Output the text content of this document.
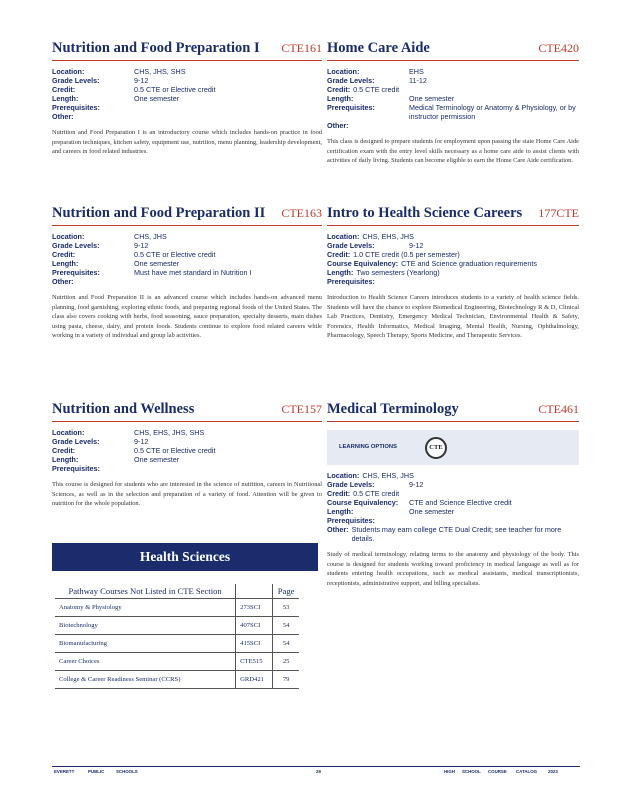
Nutrition and Food Preparation I CTE161
Location:	CHS, JHS, SHS
Grade Levels:	9-12
Credit:	0.5 CTE or Elective credit
Length:	One semester
Prerequisites:
Other:
Nutrition and Food Preparation I is an introductory course which includes hands-on practice in food preparation techniques, kitchen safety, equipment use, nutrition, menu planning, leadership development, and careers in food related industries.
Nutrition and Food Preparation II CTE163
Location:	CHS, JHS
Grade Levels:	9-12
Credit:	0.5 CTE or Elective credit
Length:	One semester
Prerequisites:	Must have met standard in Nutrition I
Other:
Nutrition and Food Preparation II is an advanced course which includes hands-on advanced menu planning, food garnishing, exploring ethnic foods, and preparing regional foods of the United States. The class also covers cooking with herbs, food seasoning, sauce preparation, specialty desserts, main dishes using pasta, cheese, dairy, and protein foods. Students continue to explore food related careers while working in a variety of individual and group lab activities.
Nutrition and Wellness	CTE157
Location:	CHS, EHS, JHS, SHS
Grade Levels:	9-12
Credit:	0.5 CTE or Elective credit
Length:	One semester
Prerequisites:
This course is designed for students who are interested in the science of nutrition, careers in Nutritional Sciences, as well as in the selection and preparation of a variety of food. Attention will be given to nutrition for the whole population.
Health Sciences
Pathway Courses Not Listed in CTE Section		Page
Anatomy & Physiology	273SCI	53
Biotechnology	407SCI	54
Biomanufacturing	415SCI	54
Career Choices	CTE515	25
College & Career Readiness Seminar (CCRS)	GRD421	79
Home Care Aide	CTE420
Location:	EHS
Grade Levels:	11-12
Credit: 0.5 CTE credit
Length:	One semester
Prerequisites:	Medical Terminology or Anatomy & Physiology, or by instructor permission
Other:
This class is designed to prepare students for employment upon passing the state Home Care Aide certification exam with the entry level skills necessary as a home care aide to assist clients with activities of daily living. Students can become eligible to earn the Home Care Aide certification.
Intro to Health Science Careers 177CTE
Location: CHS, EHS, JHS
Grade Levels:	9-12
Credit: 1.0 CTE credit (0.5 per semester)
Course Equivalency: CTE and Science graduation requirements
Length: Two semesters (Yearlong)
Prerequisites:
Introduction to Health Science Careers introduces students to a variety of health science fields. Students will have the chance to explore Biomedical Engineering, Biotechnology R & D, Clinical Lab Practices, Dentistry, Emergency Medical Technician, Environmental Health & Safety, Forensics, Health Informatics, Medical Imaging, Mental Health, Nursing, Ophthalmology, Pharmacology, Speech Therapy, Sports Medicine, and Therapeutic Services.
Medical Terminology	CTE461
LEARNING OPTIONS	CTE
Location: CHS, EHS, JHS
Grade Levels:	9-12
Credit: 0.5 CTE credit
Course Equivalency:	CTE and Science Elective credit
Length:	One semester
Prerequisites:
Other: Students may earn college CTE Dual Credit; see teacher for more details.
Study of medical terminology, relating terms to the anatomy and physiology of the body. This course is designed for students working toward proficiency in medical language as well as for students entering health occupations, such as medical assistants, medical transcriptionists, receptionists, administrative support, and billing specialists.
EVERETT	PUBLIC	SCHOOLS	29	HIGH SCHOOL COURSE CATALOG 2023
